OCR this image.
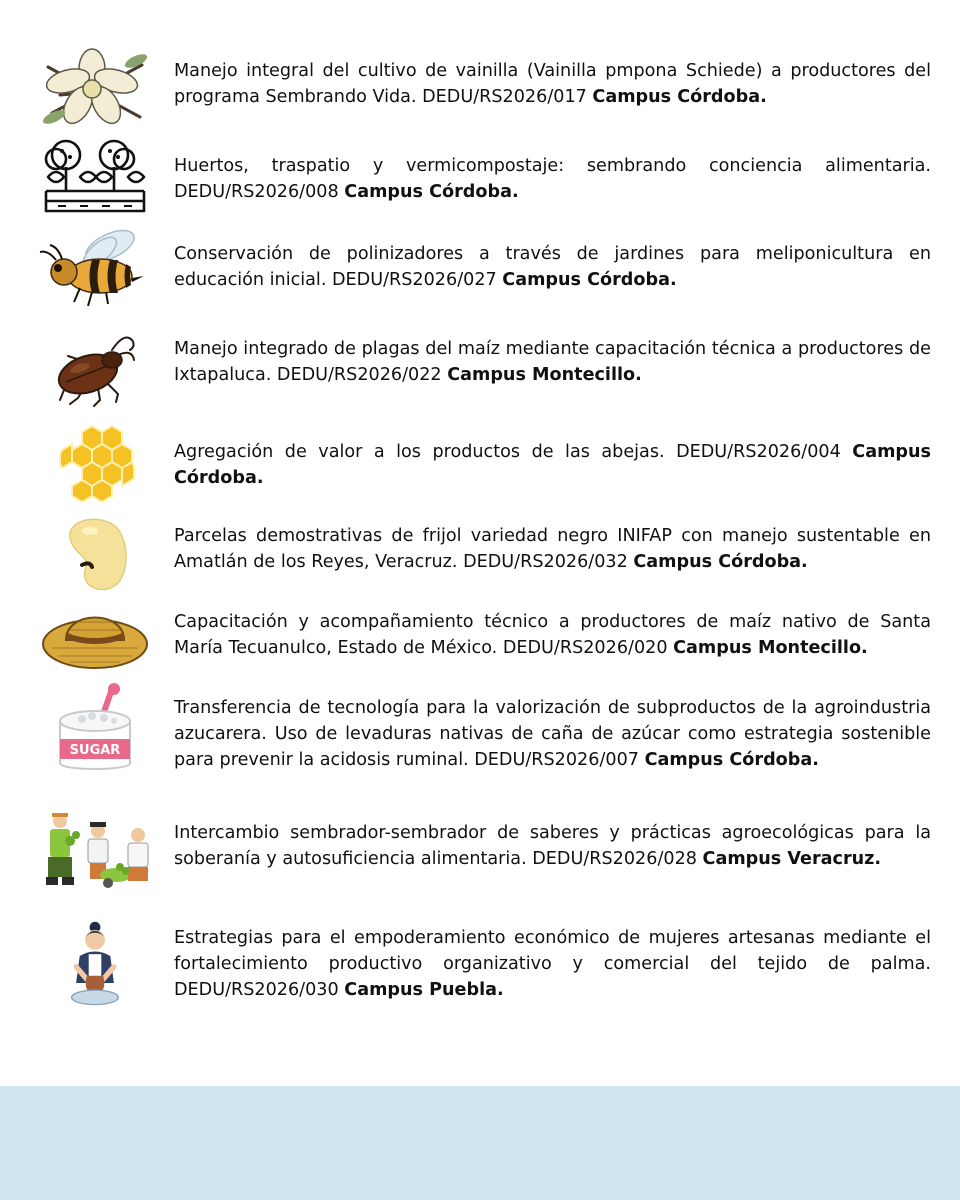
Manejo integral del cultivo de vainilla (Vainilla pmpona Schiede) a productores del programa Sembrando Vida. DEDU/RS2026/017 Campus Córdoba.
Huertos, traspatio y vermicompostaje: sembrando conciencia alimentaria. DEDU/RS2026/008 Campus Córdoba.
Conservación de polinizadores a través de jardines para meliponicultura en educación inicial. DEDU/RS2026/027 Campus Córdoba.
Manejo integrado de plagas del maíz mediante capacitación técnica a productores de Ixtapaluca. DEDU/RS2026/022 Campus Montecillo.
Agregación de valor a los productos de las abejas. DEDU/RS2026/004 Campus Córdoba.
Parcelas demostrativas de frijol variedad negro INIFAP con manejo sustentable en Amatlán de los Reyes, Veracruz. DEDU/RS2026/032 Campus Córdoba.
Capacitación y acompañamiento técnico a productores de maíz nativo de Santa María Tecuanulco, Estado de México. DEDU/RS2026/020 Campus Montecillo.
SUGAR
Transferencia de tecnología para la valorización de subproductos de la agroindustria azucarera. Uso de levaduras nativas de caña de azúcar como estrategia sostenible para prevenir la acidosis ruminal. DEDU/RS2026/007 Campus Córdoba.
Intercambio sembrador-sembrador de saberes y prácticas agroecológicas para la soberanía y autosuficiencia alimentaria. DEDU/RS2026/028 Campus Veracruz.
Estrategias para el empoderamiento económico de mujeres artesanas mediante el fortalecimiento productivo organizativo y comercial del tejido de palma. DEDU/RS2026/030 Campus Puebla.
